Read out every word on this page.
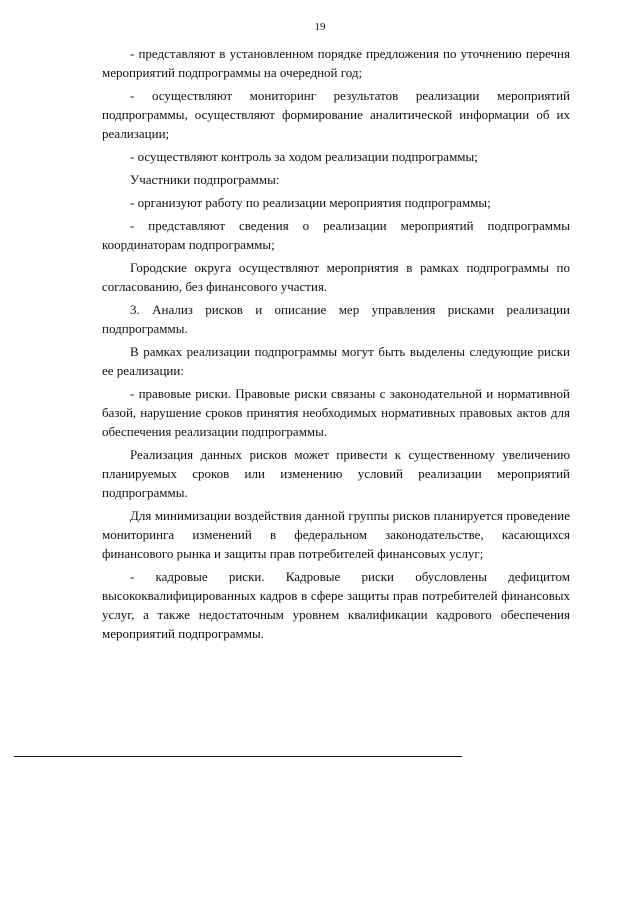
19

- представляют в установленном порядке предложения по уточнению перечня мероприятий подпрограммы на очередной год;

- осуществляют мониторинг результатов реализации мероприятий подпрограммы, осуществляют формирование аналитической информации об их реализации;

- осуществляют контроль за ходом реализации подпрограммы;

Участники подпрограммы:

- организуют работу по реализации мероприятия подпрограммы;

- представляют сведения о реализации мероприятий подпрограммы координаторам подпрограммы;

Городские округа осуществляют мероприятия в рамках подпрограммы по согласованию, без финансового участия.

3. Анализ рисков и описание мер управления рисками реализации подпрограммы.

В рамках реализации подпрограммы могут быть выделены следующие риски ее реализации:

- правовые риски. Правовые риски связаны с законодательной и нормативной базой, нарушение сроков принятия необходимых нормативных правовых актов для обеспечения реализации подпрограммы.

Реализация данных рисков может привести к существенному увеличению планируемых сроков или изменению условий реализации мероприятий подпрограммы.

Для минимизации воздействия данной группы рисков планируется проведение мониторинга изменений в федеральном законодательстве, касающихся финансового рынка и защиты прав потребителей финансовых услуг;

- кадровые риски. Кадровые риски обусловлены дефицитом высококвалифицированных кадров в сфере защиты прав потребителей финансовых услуг, а также недостаточным уровнем квалификации кадрового обеспечения мероприятий подпрограммы.
